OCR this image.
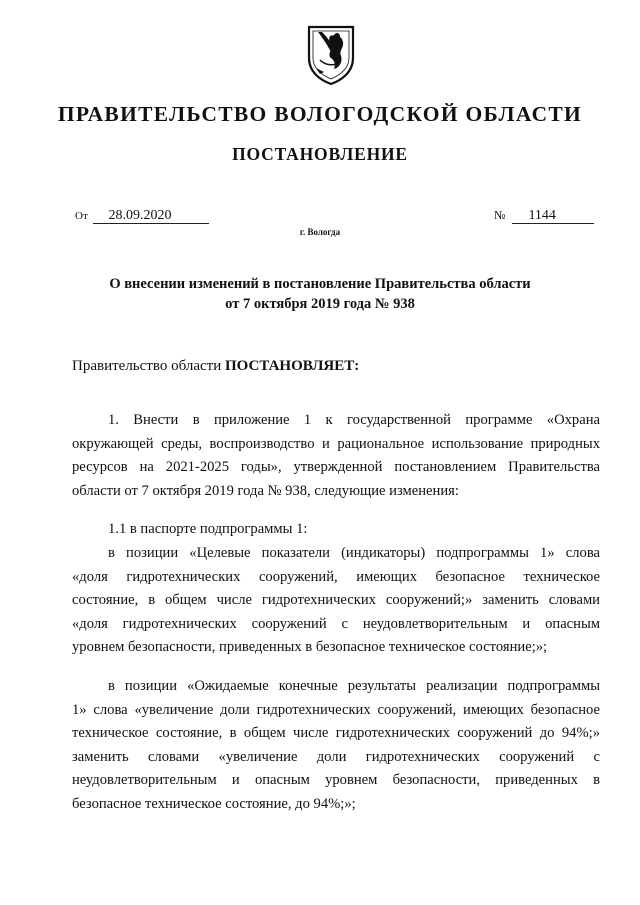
ПРАВИТЕЛЬСТВО ВОЛОГОДСКОЙ ОБЛАСТИ
ПОСТАНОВЛЕНИЕ
От 28.09.2020	№ 1144
г. Вологда
О внесении изменений в постановление Правительства области
от 7 октября 2019 года № 938
Правительство области ПОСТАНОВЛЯЕТ:

1. Внести в приложение 1 к государственной программе «Охрана
окружающей среды, воспроизводство и рациональное использование природных
ресурсов на 2021-2025 годы», утвержденной постановлением Правительства
области от 7 октября 2019 года № 938, следующие изменения:

1.1 в паспорте подпрограммы 1:

в позиции «Целевые показатели (индикаторы) подпрограммы 1» слова
«доля гидротехнических сооружений, имеющих безопасное техническое
состояние, в общем числе гидротехнических сооружений;» заменить словами
«доля гидротехнических сооружений с неудовлетворительным и опасным
уровнем безопасности, приведенных в безопасное техническое состояние;»;

в позиции «Ожидаемые конечные результаты реализации подпрограммы
1» слова «увеличение доли гидротехнических сооружений, имеющих безопасное
техническое состояние, в общем числе гидротехнических сооружений до 94%;»
заменить словами «увеличение доли гидротехнических сооружений с
неудовлетворительным и опасным уровнем безопасности, приведенных в
безопасное техническое состояние, до 94%;»;
